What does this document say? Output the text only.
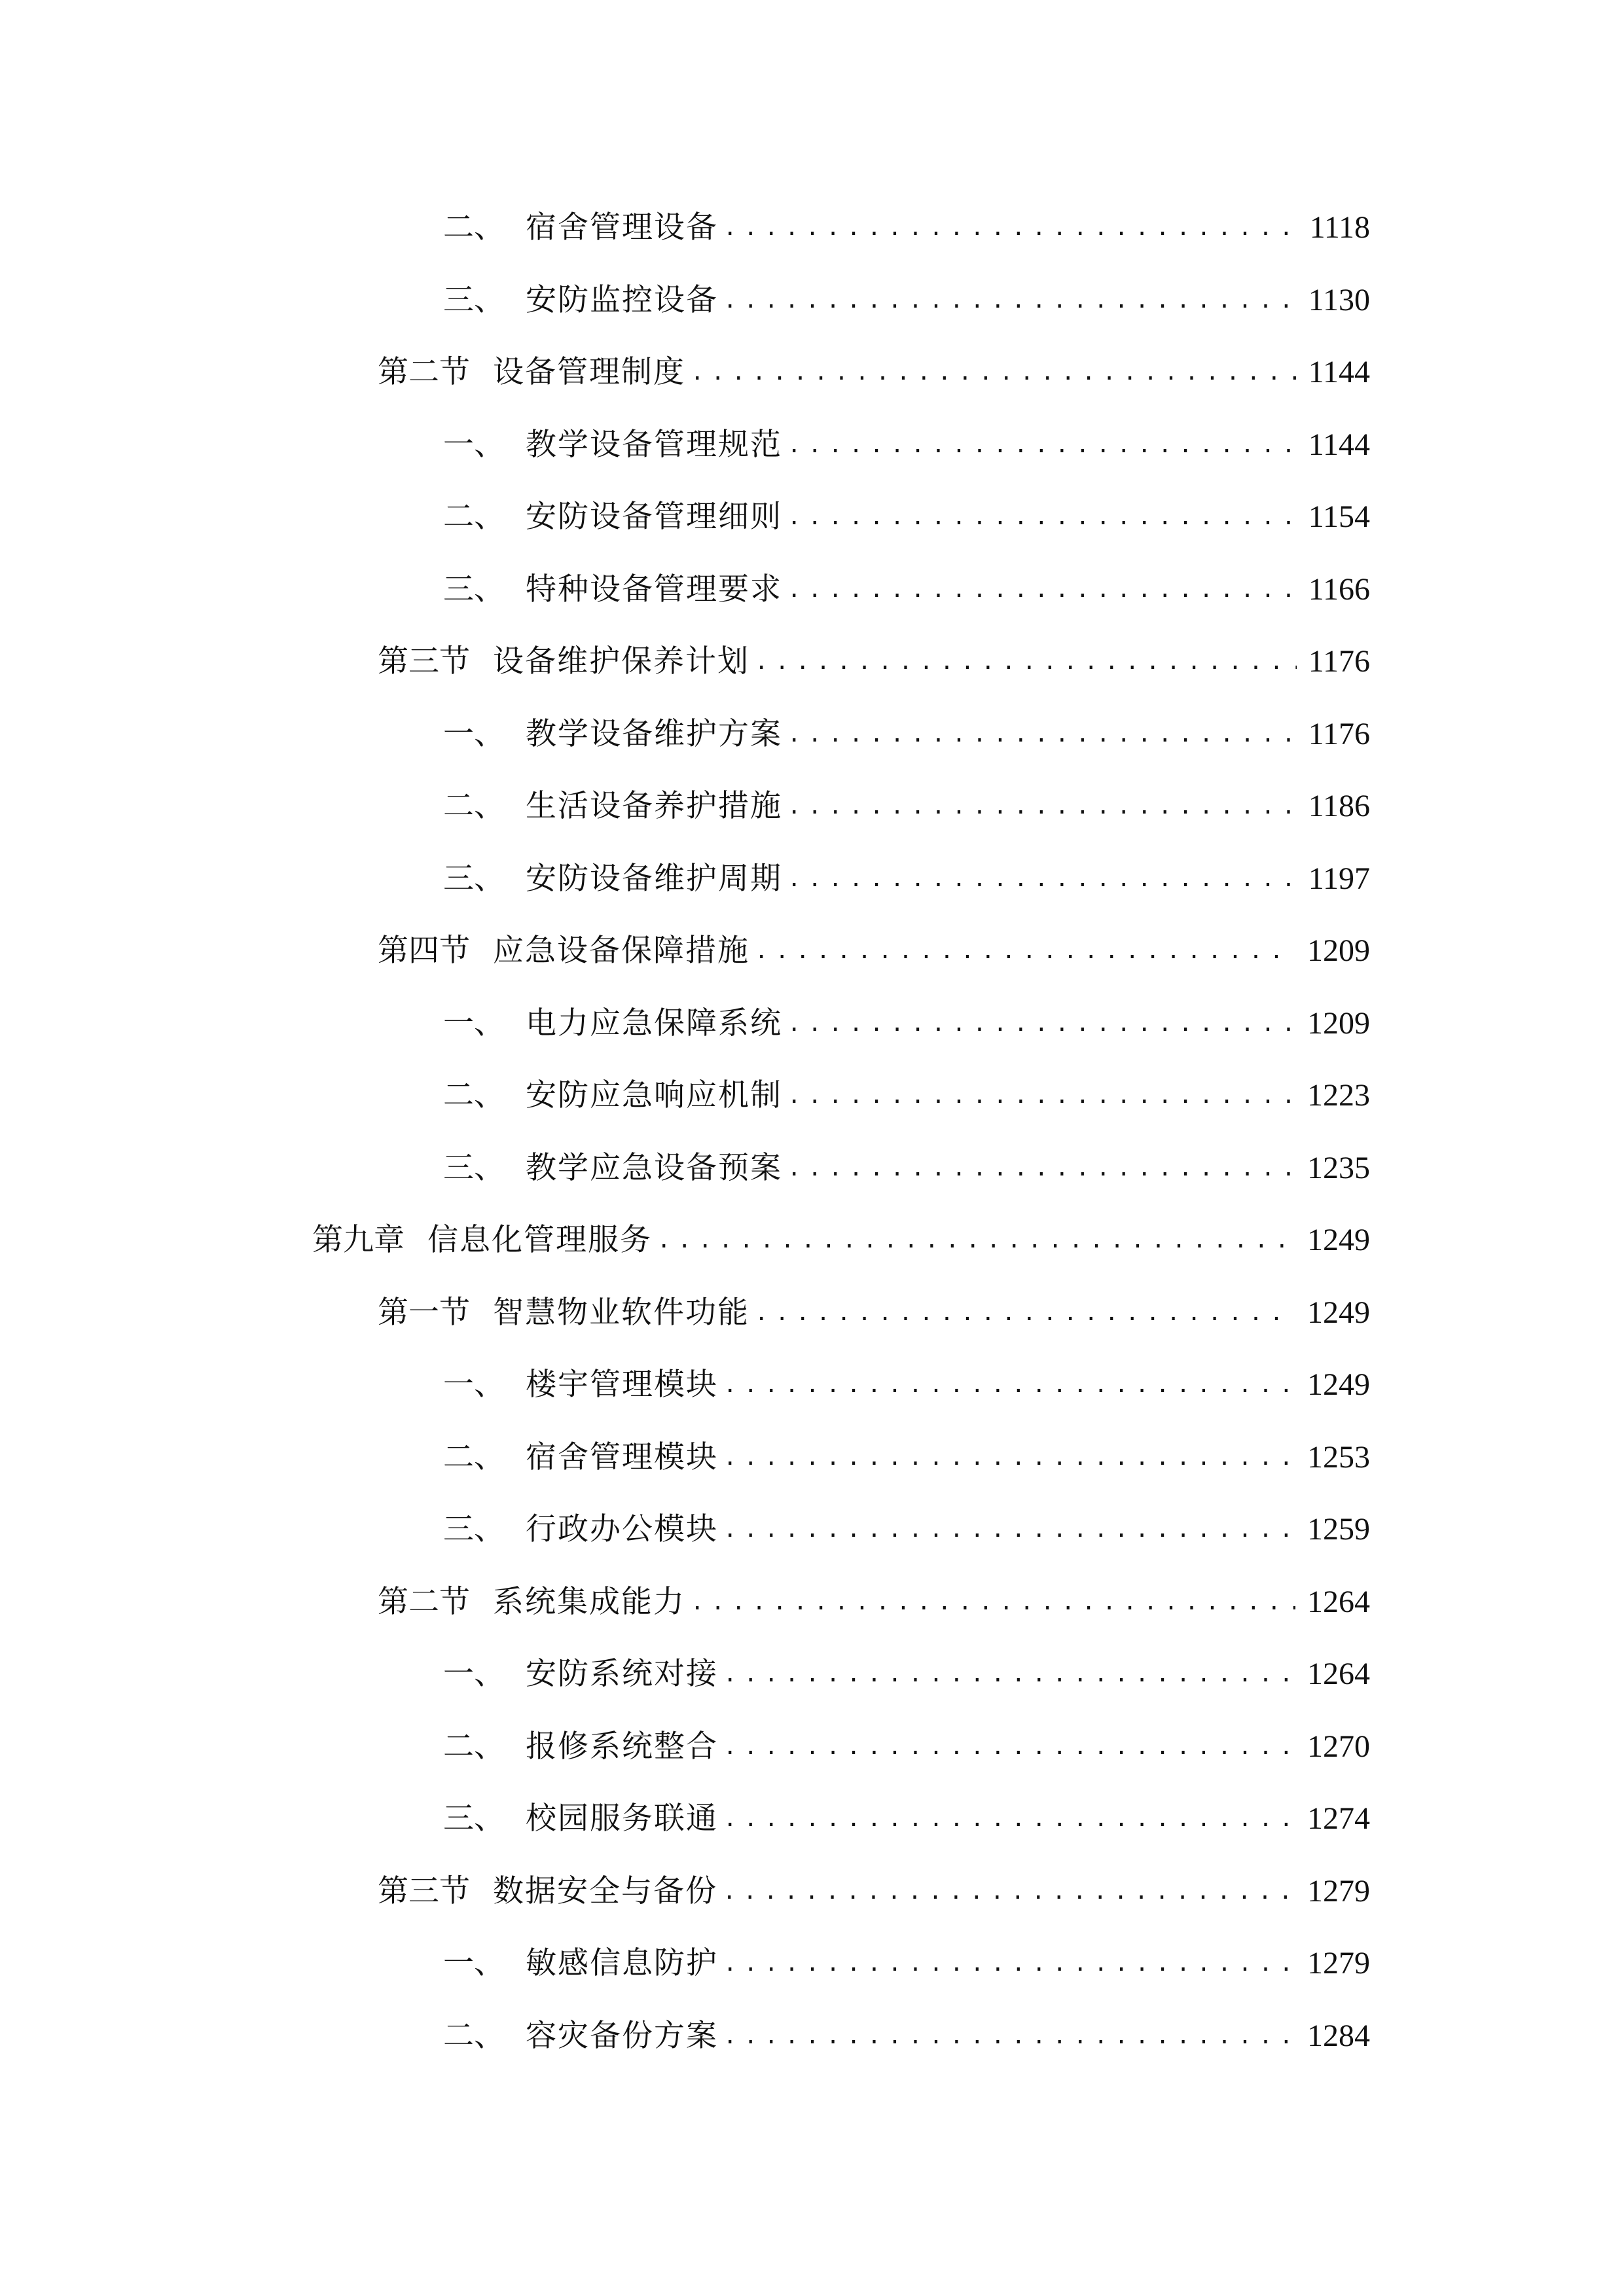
二、 宿舍管理设备 .....	1118
三、 安防监控设备 .....	1130
第二节 设备管理制度 .....	1144
一、 教学设备管理规范 .....	1144
二、 安防设备管理细则 .....	1154
三、 特种设备管理要求 .....	1166
第三节 设备维护保养计划 .....	1176
一、 教学设备维护方案 .....	1176
二、 生活设备养护措施 .....	1186
三、 安防设备维护周期 .....	1197
第四节 应急设备保障措施 .....	1209
一、 电力应急保障系统 .....	1209
二、 安防应急响应机制 .....	1223
三、 教学应急设备预案 .....	1235
第九章 信息化管理服务 .....	1249
第一节 智慧物业软件功能 .....	1249
一、 楼宇管理模块 .....	1249
二、 宿舍管理模块 .....	1253
三、 行政办公模块 .....	1259
第二节 系统集成能力 .....	1264
一、 安防系统对接 .....	1264
二、 报修系统整合 .....	1270
三、 校园服务联通 .....	1274
第三节 数据安全与备份 .....	1279
一、 敏感信息防护 .....	1279
二、 容灾备份方案 .....	1284
